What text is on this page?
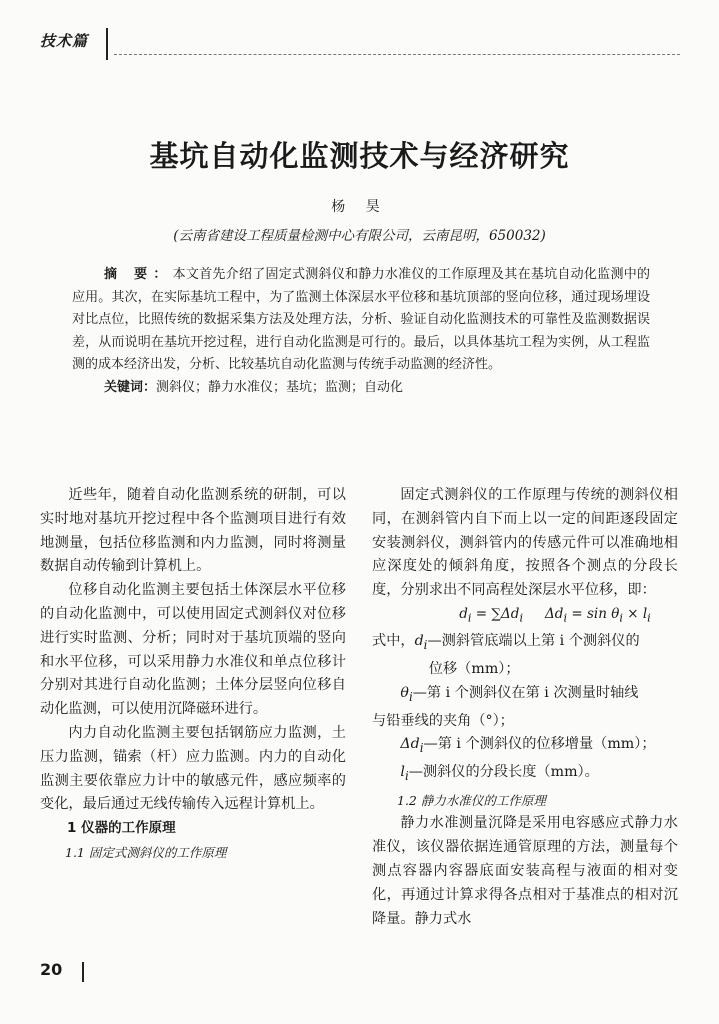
技术篇
基坑自动化监测技术与经济研究
杨 昊
(云南省建设工程质量检测中心有限公司，云南昆明，650032)

摘 要：本文首先介绍了固定式测斜仪和静力水准仪的工作原理及其在基坑自动化监测中的应用。其次，在实际基坑工程中，为了监测土体深层水平位移和基坑顶部的竖向位移，通过现场埋设对比点位，比照传统的数据采集方法及处理方法，分析、验证自动化监测技术的可靠性及监测数据误差，从而说明在基坑开挖过程，进行自动化监测是可行的。最后，以具体基坑工程为实例，从工程监测的成本经济出发，分析、比较基坑自动化监测与传统手动监测的经济性。

关键词：测斜仪；静力水准仪；基坑；监测；自动化

近些年，随着自动化监测系统的研制，可以实时地对基坑开挖过程中各个监测项目进行有效地测量，包括位移监测和内力监测，同时将测量数据自动传输到计算机上。

位移自动化监测主要包括土体深层水平位移的自动化监测中，可以使用固定式测斜仪对位移进行实时监测、分析；同时对于基坑顶端的竖向和水平位移，可以采用静力水准仪和单点位移计分别对其进行自动化监测；土体分层竖向位移自动化监测，可以使用沉降磁环进行。

内力自动化监测主要包括钢筋应力监测，土压力监测，锚索（杆）应力监测。内力的自动化监测主要依靠应力计中的敏感元件，感应频率的变化，最后通过无线传输传入远程计算机上。

1 仪器的工作原理

1.1 固定式测斜仪的工作原理

固定式测斜仪的工作原理与传统的测斜仪相同，在测斜管内自下而上以一定的间距逐段固定安装测斜仪，测斜管内的传感元件可以准确地相应深度处的倾斜角度，按照各个测点的分段长度，分别求出不同高程处深层水平位移，即：

$d_i = \sum\Delta d_i$ $\Delta d_i = \sin \theta_i \times l_i$

式中，$d_i—$测斜管底端以上第 i 个测斜仪的

位移（mm）；

$\theta_i—$第 i 个测斜仪在第 i 次测量时轴线

与铅垂线的夹角（°）；

$\Delta d_i—$第 i 个测斜仪的位移增量（mm）；

$l_i—$测斜仪的分段长度（mm）。

1.2 静力水准仪的工作原理

静力水准测量沉降是采用电容感应式静力水准仪，该仪器依据连通管原理的方法，测量每个测点容器内容器底面安装高程与液面的相对变化，再通过计算求得各点相对于基准点的相对沉降量。静力式水

20
